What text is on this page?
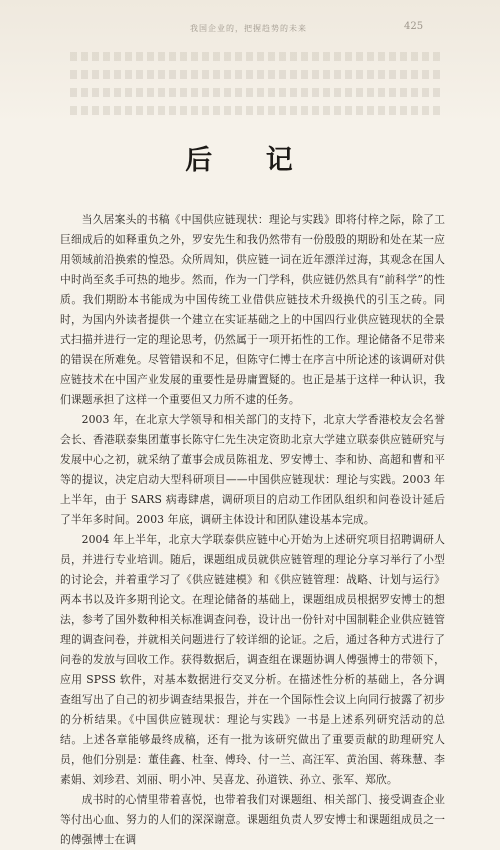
我国企业的，把握趋势的未来	425
后 记

当久居案头的书稿《中国供应链现状：理论与实践》即将付梓之际，除了工巨细成后的如释重负之外，罗安先生和我仍然带有一份殷殷的期盼和处在某一应用领域前沿换索的惶恐。众所周知，供应链一词在近年漂洋过海，其观念在国人中时尚至炙手可热的地步。然而，作为一门学科，供应链仍然具有“前科学”的性质。我们期盼本书能成为中国传统工业借供应链技术升级换代的引玉之砖。同时，为国内外读者提供一个建立在实证基础之上的中国四行业供应链现状的全景式扫描并进行一定的理论思考，仍然属于一项开拓性的工作。理论储备不足带来的错误在所难免。尽管错误和不足，但陈守仁博士在序言中所论述的该调研对供应链技术在中国产业发展的重要性是毋庸置疑的。也正是基于这样一种认识，我们课题承担了这样一个重要但又力所不逮的任务。

2003 年，在北京大学领导和相关部门的支持下，北京大学香港校友会名誉会长、香港联泰集团董事长陈守仁先生决定资助北京大学建立联泰供应链研究与发展中心之初，就采纳了董事会成员陈祖龙、罗安博士、李和协、高超和曹和平等的提议，决定启动大型科研项目——中国供应链现状：理论与实践。2003 年上半年，由于 SARS 病毒肆虐，调研项目的启动工作团队组织和问卷设计延后了半年多时间。2003 年底，调研主体设计和团队建设基本完成。

2004 年上半年，北京大学联泰供应链中心开始为上述研究项目招聘调研人员，并进行专业培训。随后，课题组成员就供应链管理的理论分享习举行了小型的讨论会，并着重学习了《供应链建模》和《供应链管理：战略、计划与运行》两本书以及许多期刊论文。在理论储备的基础上，课题组成员根据罗安博士的想法，参考了国外数种相关标准调查问卷，设计出一份针对中国制鞋企业供应链管理的调查问卷，并就相关问题进行了较详细的论证。之后，通过各种方式进行了问卷的发放与回收工作。获得数据后，调查组在课题协调人傅强博士的带领下，应用 SPSS 软件，对基本数据进行交叉分析。在描述性分析的基础上，各分调查组写出了自己的初步调查结果报告，并在一个国际性会议上向同行披露了初步的分析结果。《中国供应链现状：理论与实践》一书是上述系列研究活动的总结。上述各章能够最终成稿，还有一批为该研究做出了重要贡献的助理研究人员，他们分别是：董佳鑫、杜奎、傅玲、付一兰、高汪军、黄治国、蒋珠慧、李素娟、刘珍君、刘丽、明小冲、吴喜龙、孙道铁、孙立、张军、郑欣。

成书时的心情里带着喜悦，也带着我们对课题组、相关部门、接受调查企业等付出心血、努力的人们的深深谢意。课题组负责人罗安博士和课题组成员之一的傅强博士在调
